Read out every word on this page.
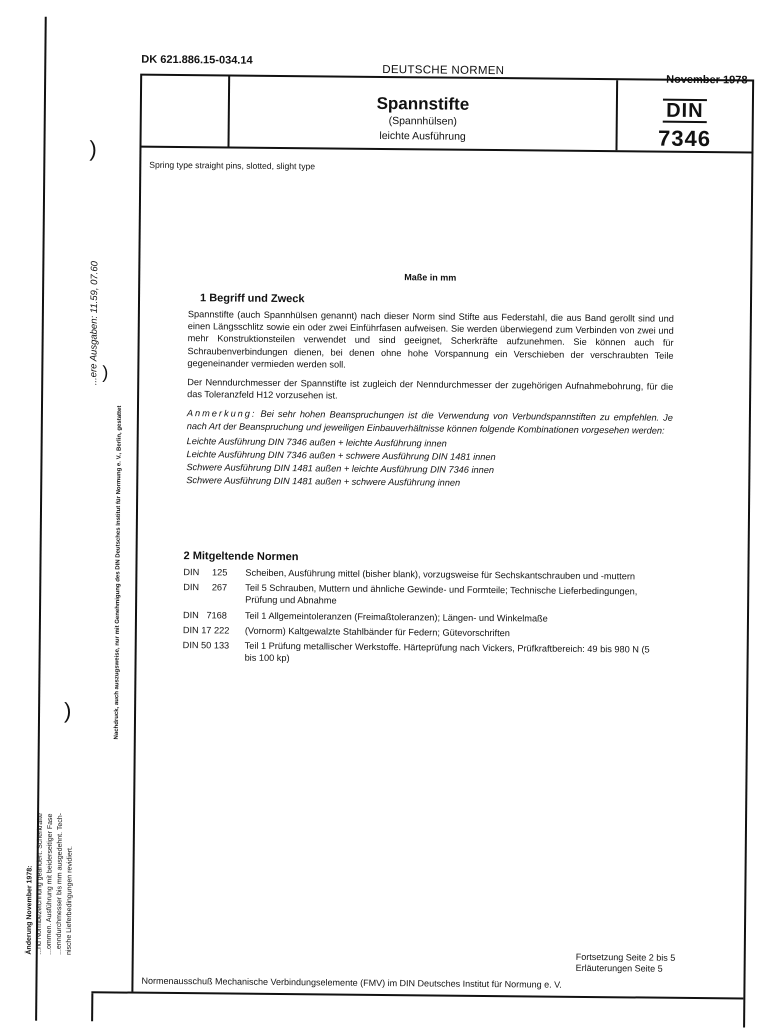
)
)
)
...ere Ausgaben: 11.59, 07.60
Nachdruck, auch auszugsweise, nur mit Genehmigung des DIN Deutsches Institut für Normung e. V., Berlin, gestattet
Änderung November 1978: ...nd Normbezeichnung geändert. Scherkräfte ...ommen. Ausführung mit beiderseitiger Fase ...enndurchmesser bis mm ausgedehnt. Tech- nische Lieferbedingungen revidiert.
DK 621.886.15-034.14
DEUTSCHE NORMEN
November 1978
Spannstifte
(Spannhülsen)
leichte Ausführung
DIN
7346
Spring type straight pins, slotted, slight type
Maße in mm
1 Begriff und Zweck

Spannstifte (auch Spannhülsen genannt) nach dieser Norm sind Stifte aus Federstahl, die aus Band gerollt sind und einen Längsschlitz sowie ein oder zwei Einführfasen aufweisen. Sie werden überwiegend zum Verbinden von zwei und mehr Konstruktionsteilen verwendet und sind geeignet, Scherkräfte aufzunehmen. Sie können auch für Schraubenverbindungen dienen, bei denen ohne hohe Vorspannung ein Verschieben der verschraubten Teile gegeneinander vermieden werden soll.

Der Nenndurchmesser der Spannstifte ist zugleich der Nenndurchmesser der zugehörigen Aufnahmebohrung, für die das Toleranzfeld H12 vorzusehen ist.

Anmerkung: Bei sehr hohen Beanspruchungen ist die Verwendung von Verbundspannstiften zu empfehlen. Je nach Art der Beanspruchung und jeweiligen Einbauverhältnisse können folgende Kombinationen vorgesehen werden:

Leichte Ausführung DIN 7346 außen + leichte Ausführung innen
Leichte Ausführung DIN 7346 außen + schwere Ausführung DIN 1481 innen
Schwere Ausführung DIN 1481 außen + leichte Ausführung DIN 7346 innen
Schwere Ausführung DIN 1481 außen + schwere Ausführung innen
2 Mitgeltende Normen
DIN     125	Scheiben, Ausführung mittel (bisher blank), vorzugsweise für Sechskantschrauben und -muttern
DIN     267	Teil 5 Schrauben, Muttern und ähnliche Gewinde- und Formteile; Technische Lieferbedingungen, Prüfung und Abnahme
DIN   7168	Teil 1 Allgemeintoleranzen (Freimaßtoleranzen); Längen- und Winkelmaße
DIN 17 222	(Vornorm) Kaltgewalzte Stahlbänder für Federn; Gütevorschriften
DIN 50 133	Teil 1 Prüfung metallischer Werkstoffe. Härteprüfung nach Vickers, Prüfkraftbereich: 49 bis 980 N (5 bis 100 kp)
Fortsetzung Seite 2 bis 5
Erläuterungen Seite 5
Normenausschuß Mechanische Verbindungselemente (FMV) im DIN Deutsches Institut für Normung e. V.
